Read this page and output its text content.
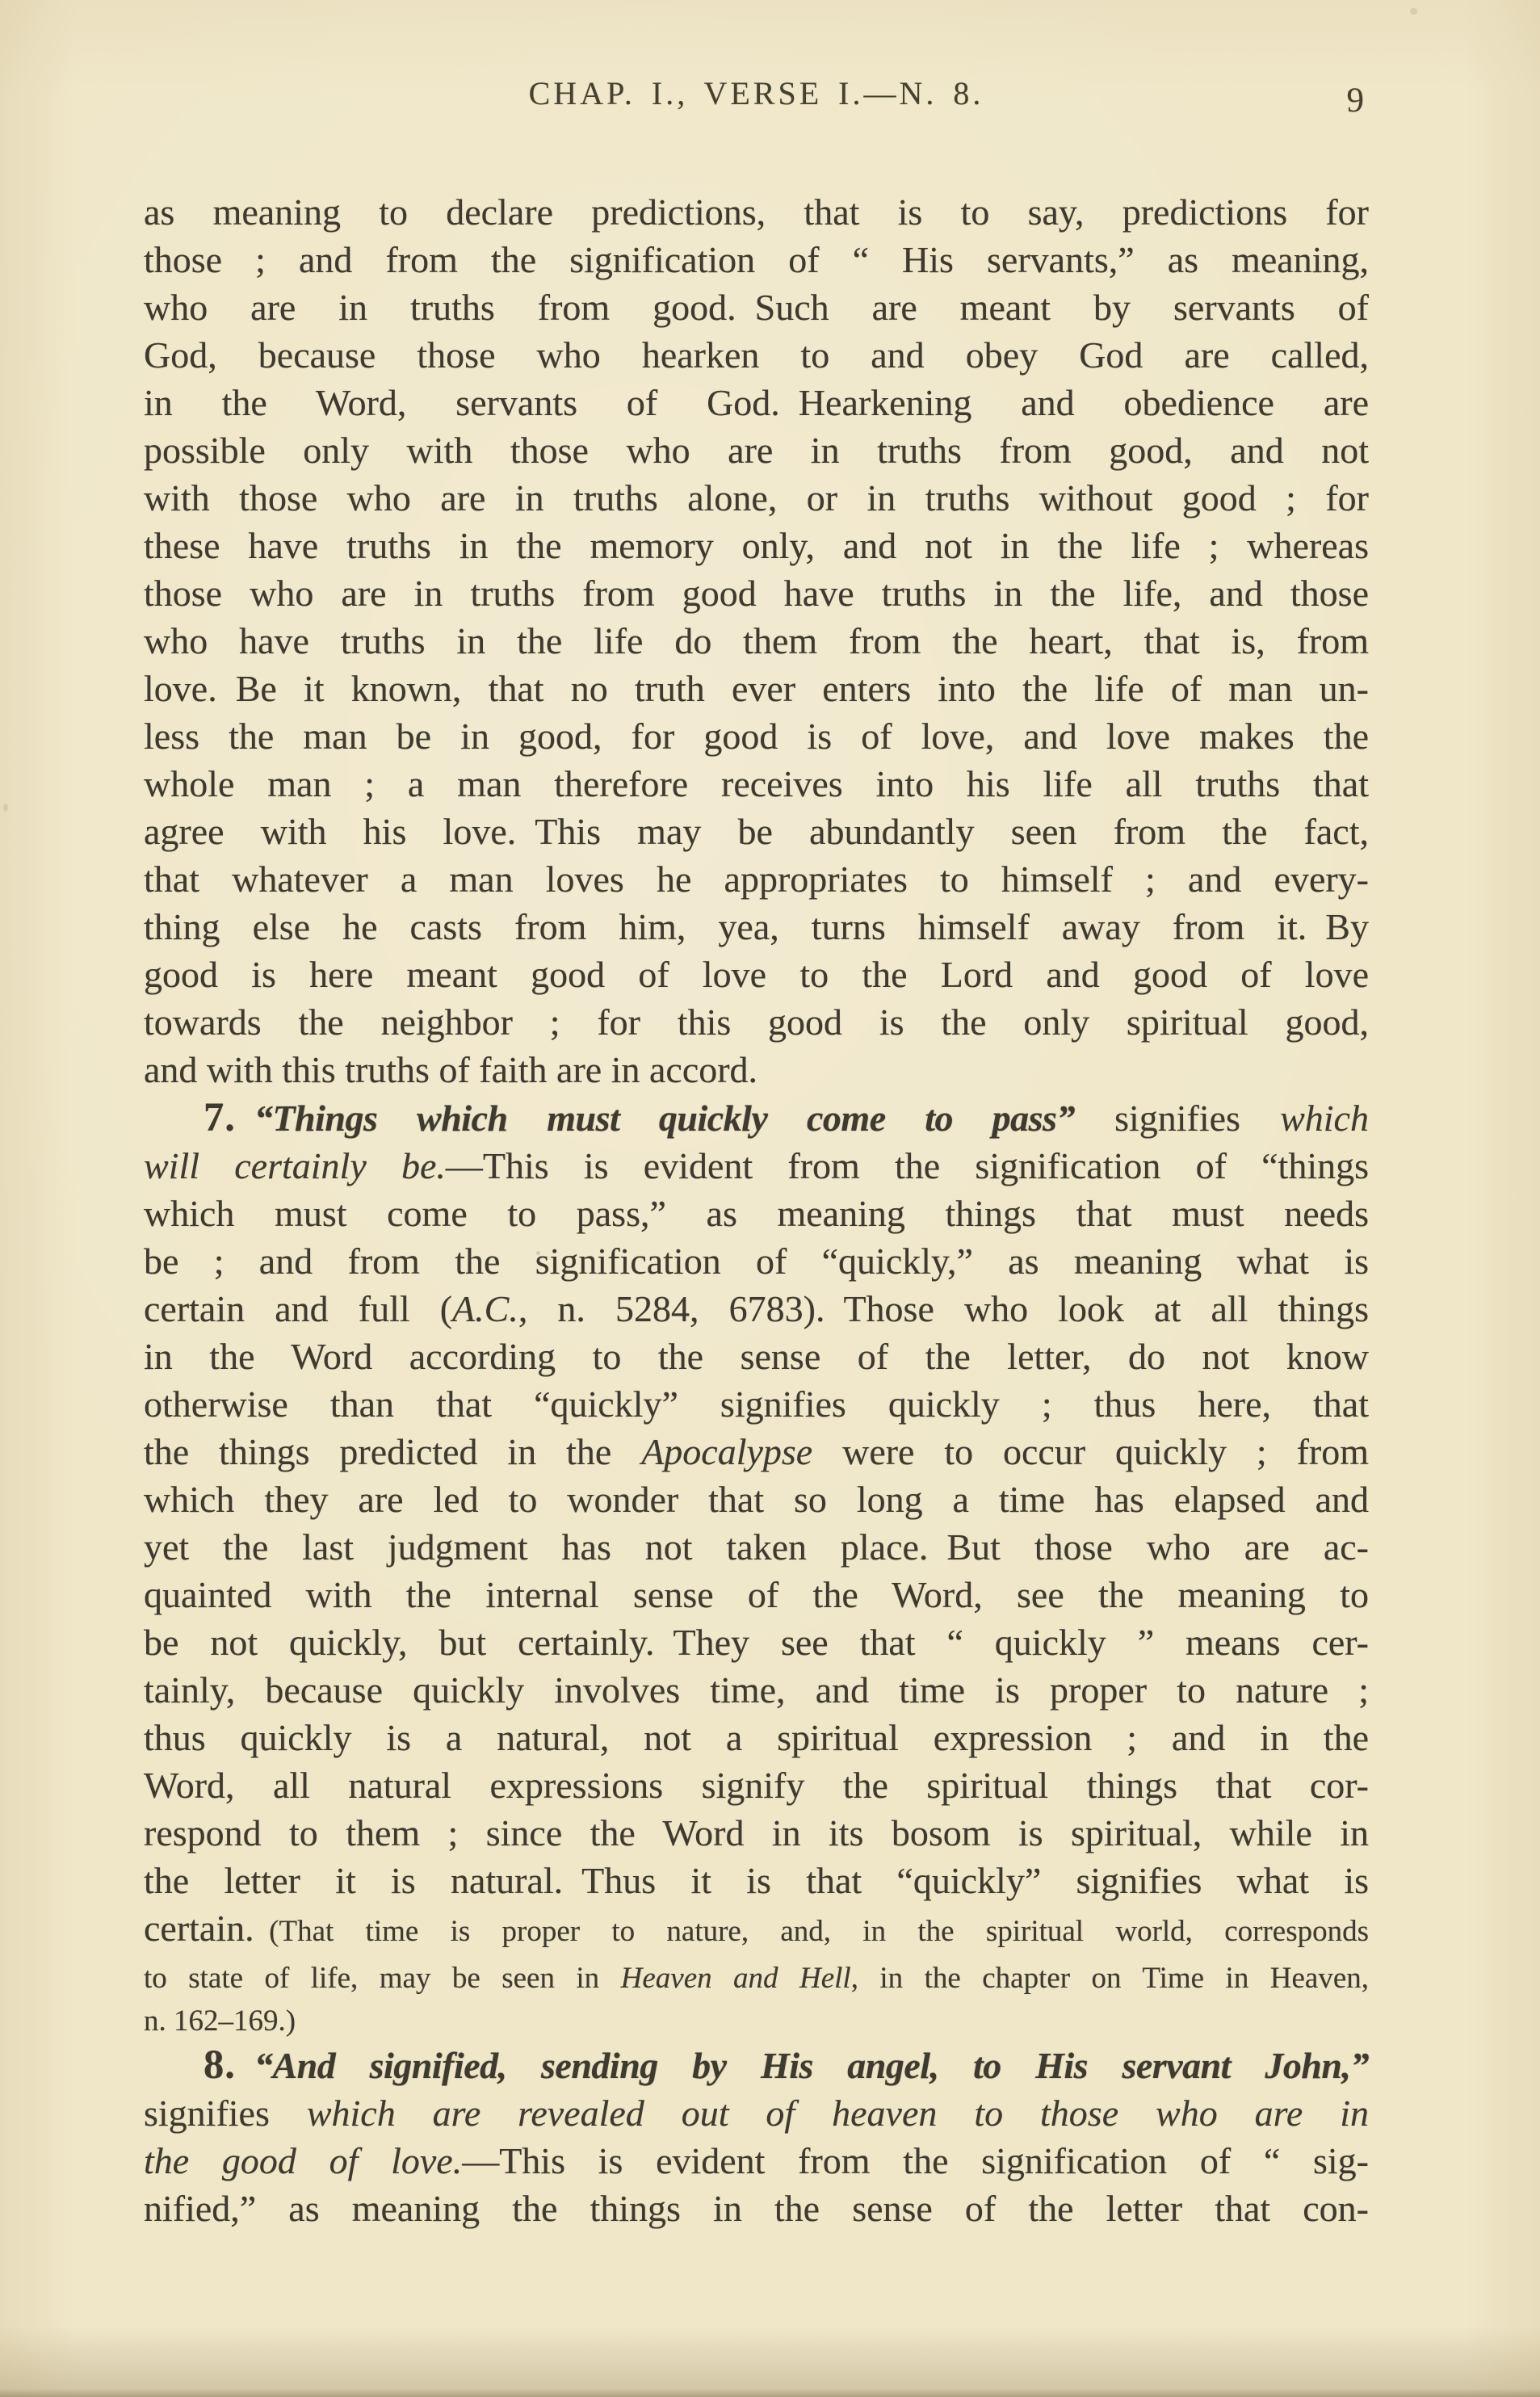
CHAP. I., VERSE I.—N. 8.	9
as meaning to declare predictions, that is to say, predictions for
those ; and from the signification of “ His servants,” as meaning,
who are in truths from good. Such are meant by servants of
God, because those who hearken to and obey God are called,
in the Word, servants of God. Hearkening and obedience are
possible only with those who are in truths from good, and not
with those who are in truths alone, or in truths without good ; for
these have truths in the memory only, and not in the life ; whereas
those who are in truths from good have truths in the life, and those
who have truths in the life do them from the heart, that is, from
love. Be it known, that no truth ever enters into the life of man un-
less the man be in good, for good is of love, and love makes the
whole man ; a man therefore receives into his life all truths that
agree with his love. This may be abundantly seen from the fact,
that whatever a man loves he appropriates to himself ; and every-
thing else he casts from him, yea, turns himself away from it. By
good is here meant good of love to the Lord and good of love
towards the neighbor ; for this good is the only spiritual good,
and with this truths of faith are in accord.
7.  “Things which must quickly come to pass” signifies which
will certainly be.—This is evident from the signification of “things
which must come to pass,” as meaning things that must needs
be ; and from the signification of “quickly,” as meaning what is
certain and full (A.C., n. 5284, 6783). Those who look at all things
in the Word according to the sense of the letter, do not know
otherwise than that “quickly” signifies quickly ; thus here, that
the things predicted in the Apocalypse were to occur quickly ; from
which they are led to wonder that so long a time has elapsed and
yet the last judgment has not taken place. But those who are ac-
quainted with the internal sense of the Word, see the meaning to
be not quickly, but certainly. They see that “ quickly ” means cer-
tainly, because quickly involves time, and time is proper to nature ;
thus quickly is a natural, not a spiritual expression ; and in the
Word, all natural expressions signify the spiritual things that cor-
respond to them ; since the Word in its bosom is spiritual, while in
the letter it is natural. Thus it is that “quickly” signifies what is
certain. (That time is proper to nature, and, in the spiritual world, corresponds
to state of life, may be seen in Heaven and Hell, in the chapter on Time in Heaven,
n. 162–169.)
8.  “And signified, sending by His angel, to His servant John,”
signifies which are revealed out of heaven to those who are in
the good of love.—This is evident from the signification of “ sig-
nified,” as meaning the things in the sense of the letter that con-
